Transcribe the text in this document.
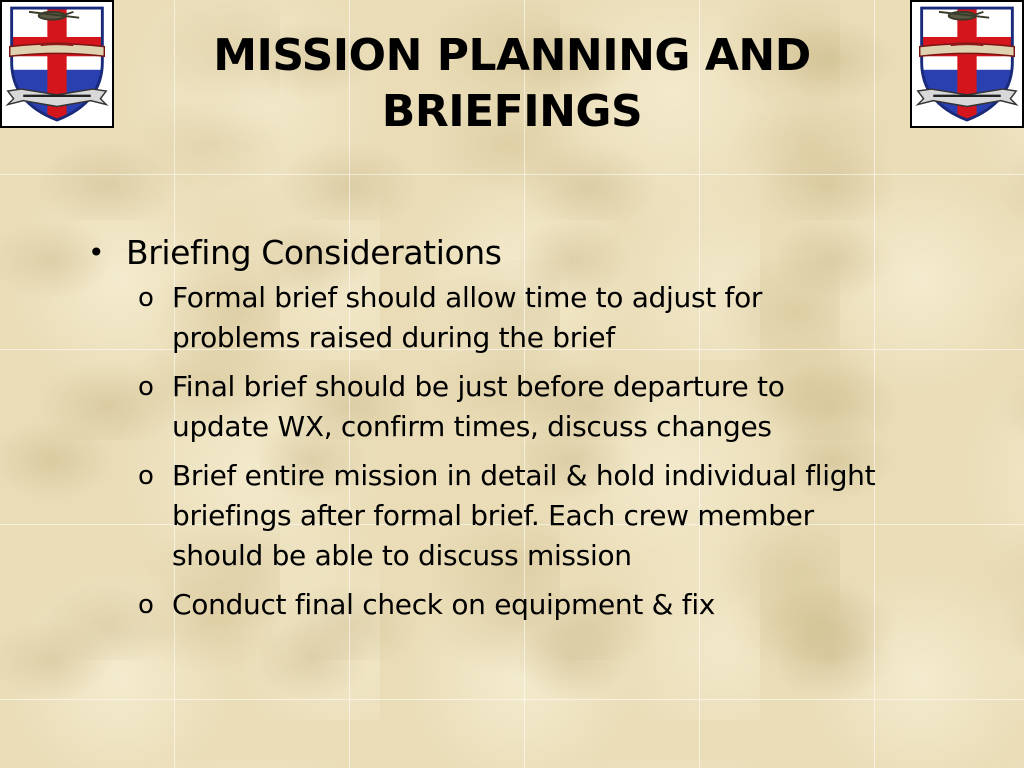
MISSION PLANNING AND
BRIEFINGS
• Briefing Considerations
o Formal brief should allow time to adjust for problems raised during the brief
o Final brief should be just before departure to update WX, confirm times, discuss changes
o Brief entire mission in detail & hold individual flight briefings after formal brief. Each crew member should be able to discuss mission
o Conduct final check on equipment & fix
